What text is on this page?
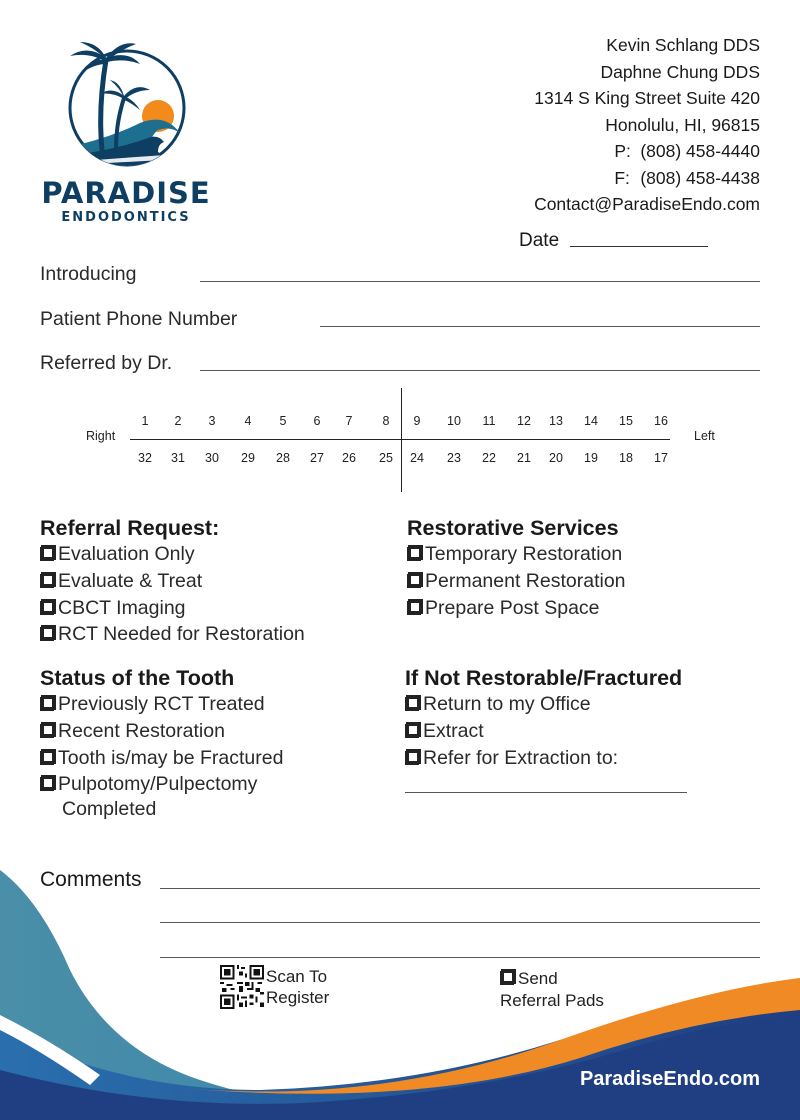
PARADISE
ENDODONTICS
Kevin Schlang DDS
Daphne Chung DDS
1314 S King Street Suite 420
Honolulu, HI, 96815
P: (808) 458-4440
F: (808) 458-4438
Contact@ParadiseEndo.com
Date
Introducing
Patient Phone Number
Referred by Dr.
Right	Left
1 2 3 4 5 6 7 8 9 10 11 12 13 14 15 16
32 31 30 29 28 27 26 25 24 23 22 21 20 19 18 17
Referral Request:
Evaluation Only
Evaluate & Treat
CBCT Imaging
RCT Needed for Restoration
Restorative Services
Temporary Restoration
Permanent Restoration
Prepare Post Space
Status of the Tooth
Previously RCT Treated
Recent Restoration
Tooth is/may be Fractured
Pulpotomy/Pulpectomy
Completed
If Not Restorable/Fractured
Return to my Office
Extract
Refer for Extraction to:
Comments
Scan To
Register
Send
Referral Pads
ParadiseEndo.com
